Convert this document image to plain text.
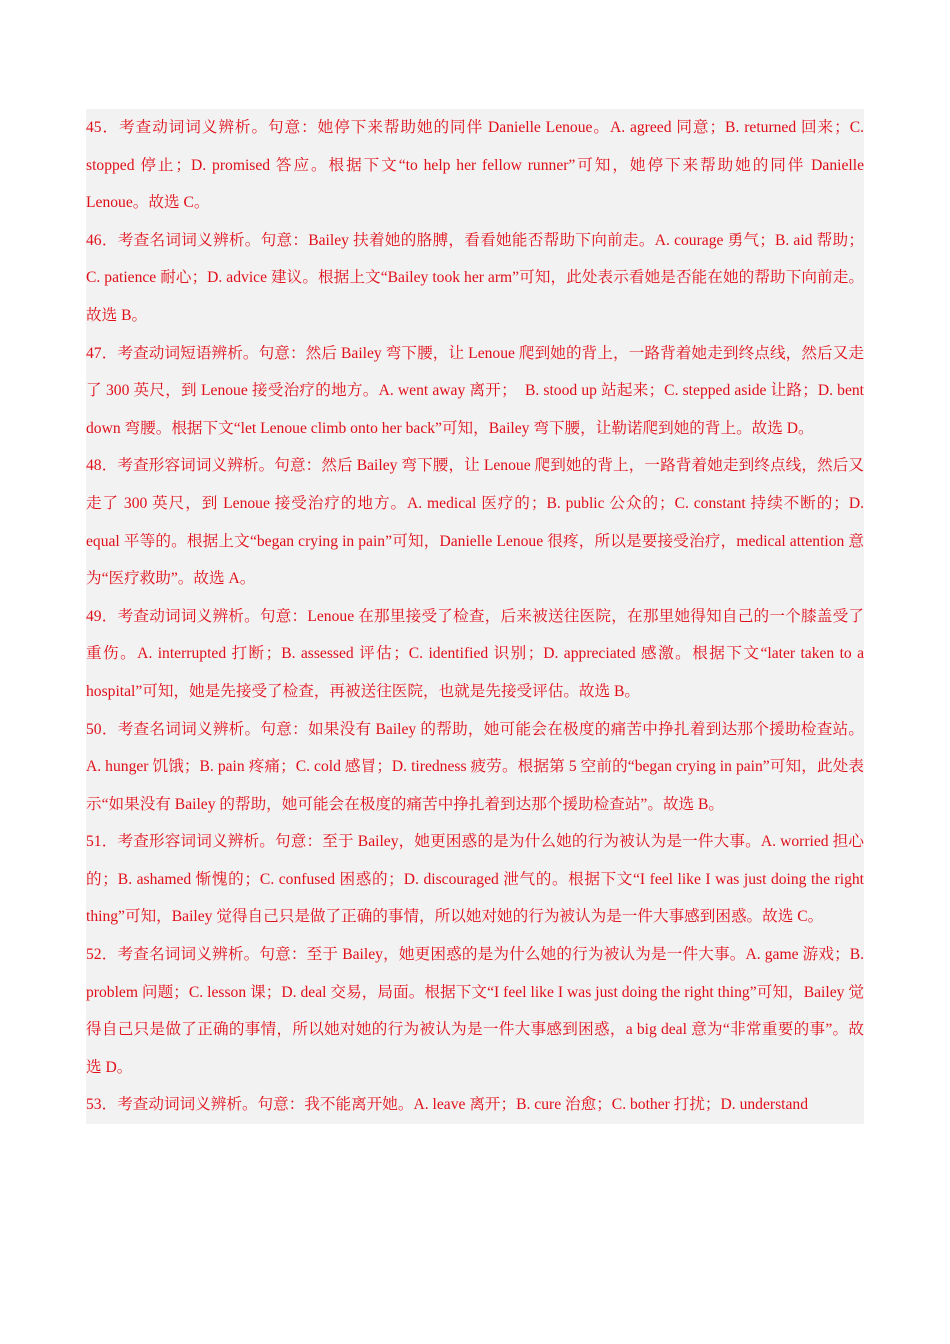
45．考查动词词义辨析。句意：她停下来帮助她的同伴 Danielle Lenoue。A. agreed 同意；B. returned 回来；C. stopped 停止；D. promised 答应。根据下文“to help her fellow runner”可知，她停下来帮助她的同伴 Danielle Lenoue。故选 C。

46．考查名词词义辨析。句意：Bailey 扶着她的胳膊，看看她能否帮助下向前走。A. courage 勇气；B. aid 帮助；C. patience 耐心；D. advice 建议。根据上文“Bailey took her arm”可知，此处表示看她是否能在她的帮助下向前走。故选 B。

47．考查动词短语辨析。句意：然后 Bailey 弯下腰，让 Lenoue 爬到她的背上，一路背着她走到终点线，然后又走了 300 英尺，到 Lenoue 接受治疗的地方。A. went away 离开；　B. stood up 站起来；C. stepped aside 让路；D. bent down 弯腰。根据下文“let Lenoue climb onto her back”可知，Bailey 弯下腰，让勒诺爬到她的背上。故选 D。

48．考查形容词词义辨析。句意：然后 Bailey 弯下腰，让 Lenoue 爬到她的背上，一路背着她走到终点线，然后又走了 300 英尺，到 Lenoue 接受治疗的地方。A. medical 医疗的；B. public 公众的；C. constant 持续不断的；D. equal 平等的。根据上文“began crying in pain”可知，Danielle Lenoue 很疼，所以是要接受治疗，medical attention 意为“医疗救助”。故选 A。

49．考查动词词义辨析。句意：Lenoue 在那里接受了检查，后来被送往医院，在那里她得知自己的一个膝盖受了重伤。A. interrupted 打断；B. assessed 评估；C. identified 识别；D. appreciated 感激。根据下文“later taken to a hospital”可知，她是先接受了检查，再被送往医院，也就是先接受评估。故选 B。

50．考查名词词义辨析。句意：如果没有 Bailey 的帮助，她可能会在极度的痛苦中挣扎着到达那个援助检查站。A. hunger 饥饿；B. pain 疼痛；C. cold 感冒；D. tiredness 疲劳。根据第 5 空前的“began crying in pain”可知，此处表示“如果没有 Bailey 的帮助，她可能会在极度的痛苦中挣扎着到达那个援助检查站”。故选 B。

51．考查形容词词义辨析。句意：至于 Bailey，她更困惑的是为什么她的行为被认为是一件大事。A. worried 担心的；B. ashamed 惭愧的；C. confused 困惑的；D. discouraged 泄气的。根据下文“I feel like I was just doing the right thing”可知，Bailey 觉得自己只是做了正确的事情，所以她对她的行为被认为是一件大事感到困惑。故选 C。

52．考查名词词义辨析。句意：至于 Bailey，她更困惑的是为什么她的行为被认为是一件大事。A. game 游戏；B. problem 问题；C. lesson 课；D. deal 交易，局面。根据下文“I feel like I was just doing the right thing”可知，Bailey 觉得自己只是做了正确的事情，所以她对她的行为被认为是一件大事感到困惑，a big deal 意为“非常重要的事”。故选 D。

53．考查动词词义辨析。句意：我不能离开她。A. leave 离开；B. cure 治愈；C. bother 打扰；D. understand
